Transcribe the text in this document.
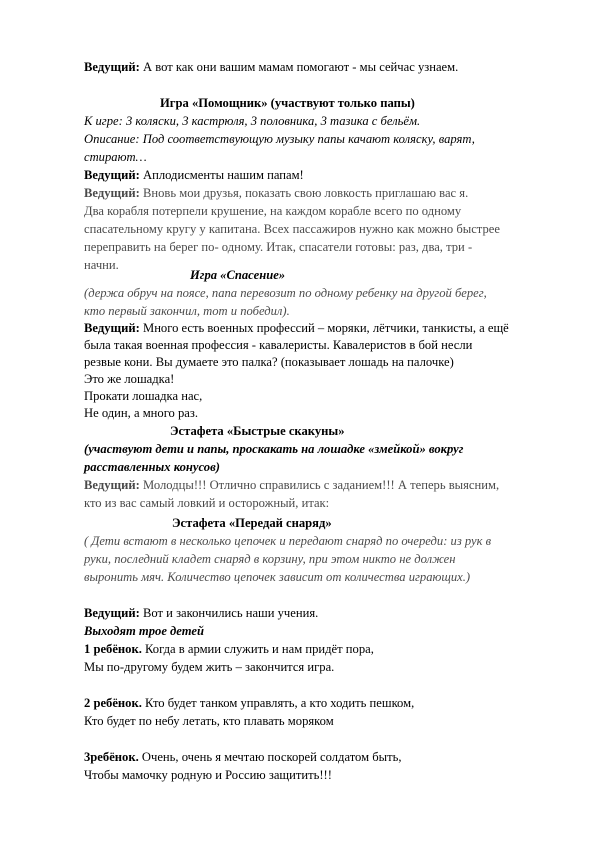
Ведущий: А вот как они вашим мамам помогают - мы сейчас узнаем.
Игра «Помощник» (участвуют только папы)
К игре: 3 коляски, 3 кастрюля, 3 половника, 3 тазика с бельём.
Описание: Под соответствующую музыку папы качают коляску, варят,
стирают…
Ведущий: Аплодисменты нашим папам!
Ведущий: Вновь мои друзья, показать свою ловкость приглашаю вас я.
Два корабля потерпели крушение, на каждом корабле всего по одному
спасательному кругу у капитана. Всех пассажиров нужно как можно быстрее
переправить на берег по- одному. Итак, спасатели готовы: раз, два, три -
начни.
Игра «Спасение»
(держа обруч на поясе, папа перевозит по одному ребенку на другой берег,
кто первый закончил, тот и победил).
Ведущий: Много есть военных профессий – моряки, лётчики, танкисты, а ещё
была такая военная профессия - кавалеристы. Кавалеристов в бой несли
резвые кони. Вы думаете это палка? (показывает лошадь на палочке)
Это же лошадка!
Прокати лошадка нас,
Не один, а много раз.
Эстафета «Быстрые скакуны»
(участвуют дети и папы, проскакать на лошадке «змейкой» вокруг
расставленных конусов)
Ведущий: Молодцы!!! Отлично справились с заданием!!! А теперь выясним,
кто из вас самый ловкий и осторожный, итак:
Эстафета «Передай снаряд»
( Дети встают в несколько цепочек и передают снаряд по очереди: из рук в
руки, последний кладет снаряд в корзину, при этом никто не должен
выронить мяч. Количество цепочек зависит от количества играющих.)
Ведущий: Вот и закончились наши учения.
Выходят трое детей
1 ребёнок. Когда в армии служить и нам придёт пора,
Мы по-другому будем жить – закончится игра.
2 ребёнок. Кто будет танком управлять, а кто ходить пешком,
Кто будет по небу летать, кто плавать моряком
3ребёнок. Очень, очень я мечтаю поскорей солдатом быть,
Чтобы мамочку родную и Россию защитить!!!
